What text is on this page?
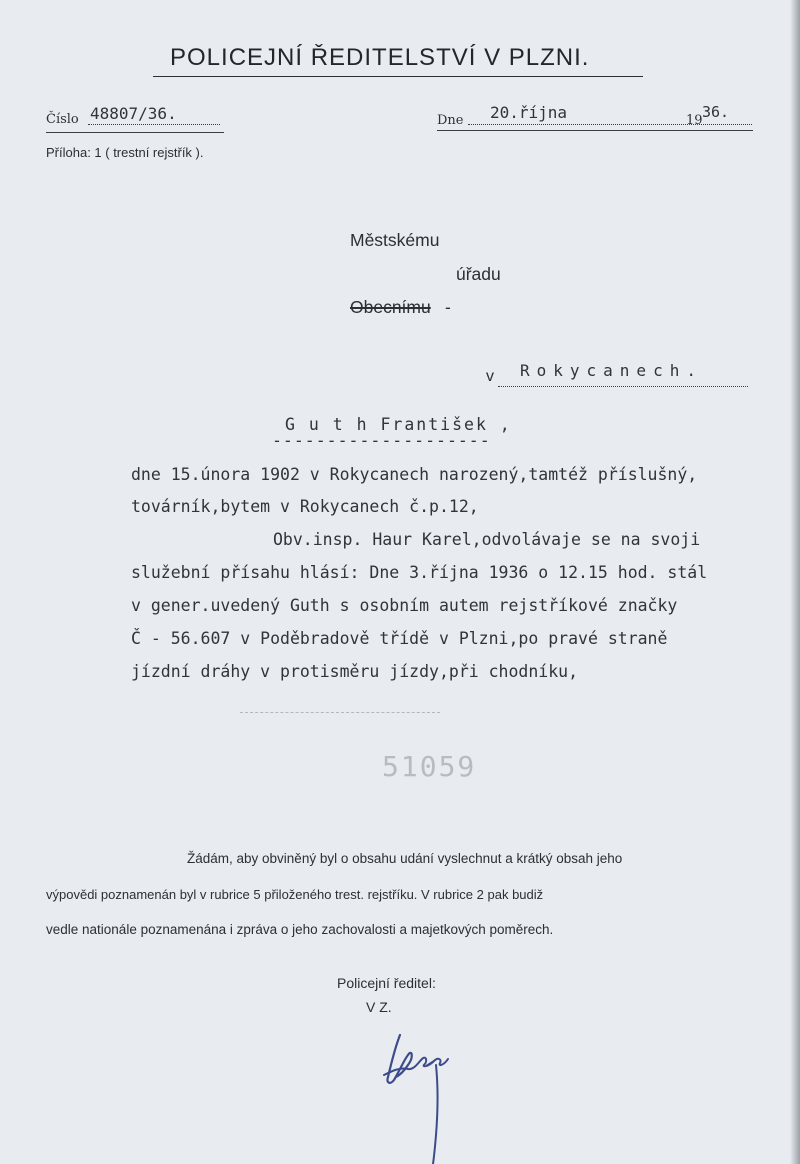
POLICEJNÍ ŘEDITELSTVÍ V PLZNI.
Číslo 48807/36.	Dne 20.října	19 36.
Příloha: 1 ( trestní rejstřík ).
Městskému
úřadu
Obecnímu -
v Rokycanech.
G u t h František ,
--------------------
dne 15.února 1902 v Rokycanech narozený,tamtéž příslušný,
továrník,bytem v Rokycanech č.p.12,
Obv.insp. Haur Karel,odvolávaje se na svoji
služební přísahu hlásí: Dne 3.října 1936 o 12.15 hod. stál
v gener.uvedený Guth s osobním autem rejstříkové značky
Č - 56.607 v Poděbradově třídě v Plzni,po pravé straně
jízdní dráhy v protisměru jízdy,při chodníku,
51059
Žádám, aby obviněný byl o obsahu udání vyslechnut a krátký obsah jeho
výpovědi poznamenán byl v rubrice 5 přiloženého trest. rejstříku. V rubrice 2 pak budiž
vedle nationále poznamenána i zpráva o jeho zachovalosti a majetkových poměrech.
Policejní ředitel:
V Z.
